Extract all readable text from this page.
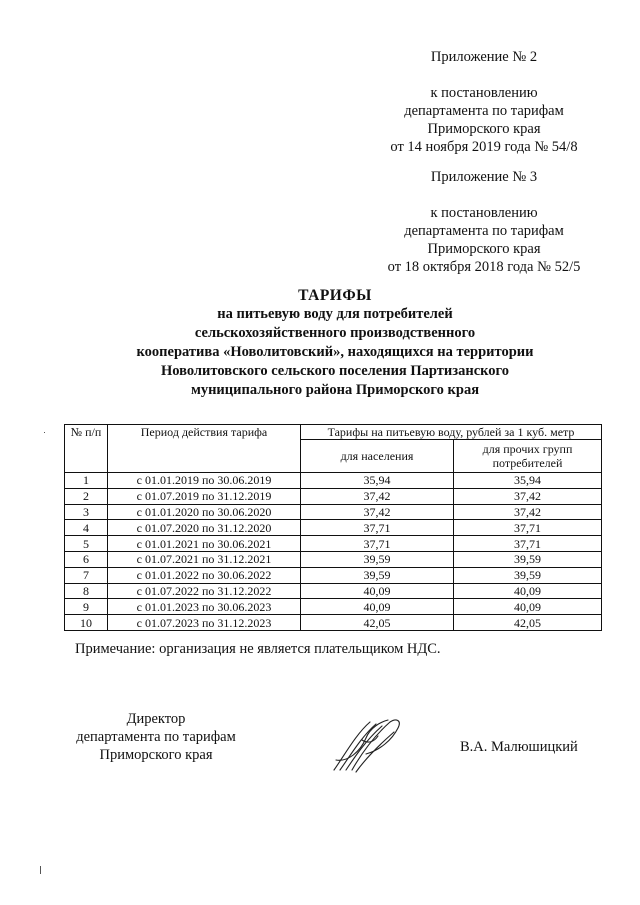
Приложение № 2
к постановлению
департамента по тарифам
Приморского края
от 14 ноября 2019 года № 54/8
Приложение № 3
к постановлению
департамента по тарифам
Приморского края
от 18 октября 2018 года № 52/5
ТАРИФЫ
на питьевую воду для потребителей
сельскохозяйственного производственного
кооператива «Новолитовский», находящихся на территории
Новолитовского сельского поселения Партизанского
муниципального района Приморского края
№ п/п	Период действия тарифа	Тарифы на питьевую воду, рублей за 1 куб. метр	
		для населения	для прочих групп потребителей
1	с 01.01.2019 по 30.06.2019	35,94	35,94
2	с 01.07.2019 по 31.12.2019	37,42	37,42
3	с 01.01.2020 по 30.06.2020	37,42	37,42
4	с 01.07.2020 по 31.12.2020	37,71	37,71
5	с 01.01.2021 по 30.06.2021	37,71	37,71
6	с 01.07.2021 по 31.12.2021	39,59	39,59
7	с 01.01.2022 по 30.06.2022	39,59	39,59
8	с 01.07.2022 по 31.12.2022	40,09	40,09
9	с 01.01.2023 по 30.06.2023	40,09	40,09
10	с 01.07.2023 по 31.12.2023	42,05	42,05
Примечание: организация не является плательщиком НДС.
Директор
департамента по тарифам
Приморского края	В.А. Малюшицкий
